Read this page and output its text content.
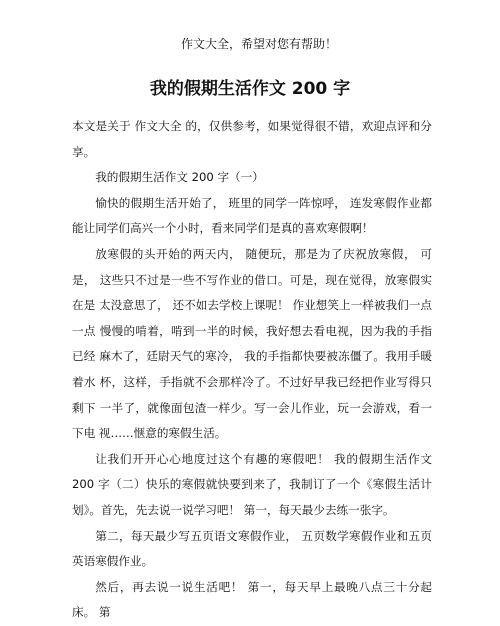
作文大全，希望对您有帮助！
我的假期生活作文 200 字

本文是关于 作文大全 的，仅供参考，如果觉得很不错，欢迎点评和分 享。

我的假期生活作文 200 字（一）

愉快的假期生活开始了， 班里的同学一阵惊呼， 连发寒假作业都 能让同学们高兴一个小时，看来同学们是真的喜欢寒假啊！

放寒假的头开始的两天内， 随便玩，那是为了庆祝放寒假， 可是， 这些只不过是一些不写作业的借口。可是，现在觉得，放寒假实在是 太没意思了， 还不如去学校上课呢！ 作业想笑上一样被我们一点一点 慢慢的啃着，啃到一半的时候，我好想去看电视，因为我的手指已经 麻木了，廷尉天气的寒冷， 我的手指都快要被冻僵了。我用手暖着水 杯，这样，手指就不会那样冷了。不过好早我已经把作业写得只剩下 一半了，就像面包渣一样少。写一会儿作业，玩一会游戏，看一下电 视……惬意的寒假生活。

让我们开开心心地度过这个有趣的寒假吧！ 我的假期生活作文 200 字（二）快乐的寒假就快要到来了，我制订了一个《寒假生活计划》。首先，先去说一说学习吧！ 第一，每天最少去练一张字。

第二，每天最少写五页语文寒假作业， 五页数学寒假作业和五页 英语寒假作业。

然后，再去说一说生活吧！ 第一，每天早上最晚八点三十分起床。 第
